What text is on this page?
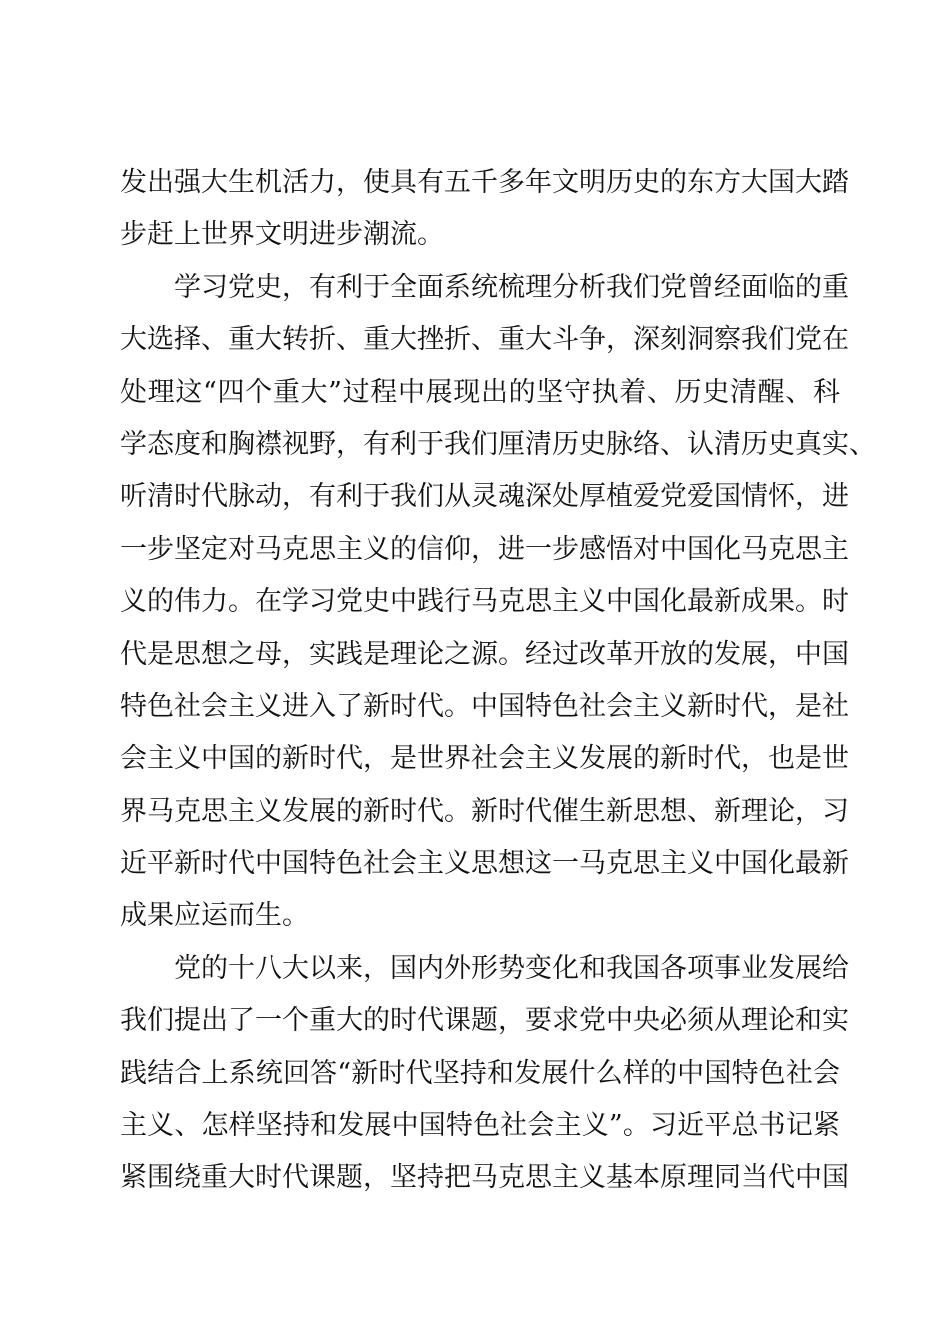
发出强大生机活力，使具有五千多年文明历史的东方大国大踏
步赶上世界文明进步潮流。
学习党史，有利于全面系统梳理分析我们党曾经面临的重
大选择、重大转折、重大挫折、重大斗争，深刻洞察我们党在
处理这“四个重大”过程中展现出的坚守执着、历史清醒、科
学态度和胸襟视野，有利于我们厘清历史脉络、认清历史真实、
听清时代脉动，有利于我们从灵魂深处厚植爱党爱国情怀，进
一步坚定对马克思主义的信仰，进一步感悟对中国化马克思主
义的伟力。在学习党史中践行马克思主义中国化最新成果。时
代是思想之母，实践是理论之源。经过改革开放的发展，中国
特色社会主义进入了新时代。中国特色社会主义新时代，是社
会主义中国的新时代，是世界社会主义发展的新时代，也是世
界马克思主义发展的新时代。新时代催生新思想、新理论，习
近平新时代中国特色社会主义思想这一马克思主义中国化最新
成果应运而生。
党的十八大以来，国内外形势变化和我国各项事业发展给
我们提出了一个重大的时代课题，要求党中央必须从理论和实
践结合上系统回答“新时代坚持和发展什么样的中国特色社会
主义、怎样坚持和发展中国特色社会主义”。习近平总书记紧
紧围绕重大时代课题，坚持把马克思主义基本原理同当代中国
